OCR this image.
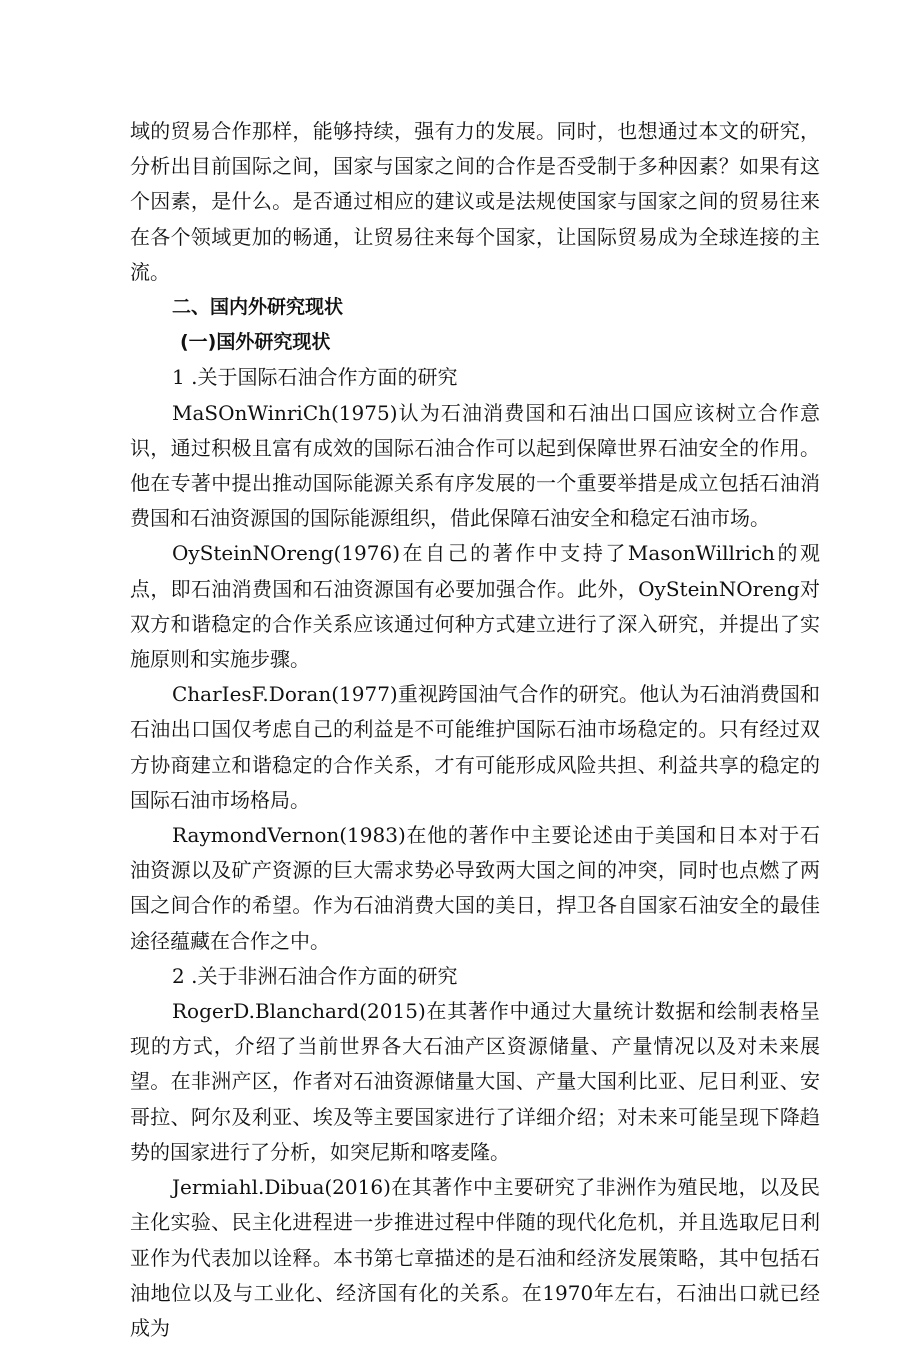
域的贸易合作那样，能够持续，强有力的发展。同时，也想通过本文的研究，分析出目前国际之间，国家与国家之间的合作是否受制于多种因素？如果有这个因素，是什么。是否通过相应的建议或是法规使国家与国家之间的贸易往来在各个领域更加的畅通，让贸易往来每个国家，让国际贸易成为全球连接的主流。

二、国内外研究现状

(一)国外研究现状

1 .关于国际石油合作方面的研究

MaSOnWinriCh(1975)认为石油消费国和石油出口国应该树立合作意识，通过积极且富有成效的国际石油合作可以起到保障世界石油安全的作用。他在专著中提出推动国际能源关系有序发展的一个重要举措是成立包括石油消费国和石油资源国的国际能源组织，借此保障石油安全和稳定石油市场。

OySteinNOreng(1976)在自己的著作中支持了MasonWillrich的观点，即石油消费国和石油资源国有必要加强合作。此外，OySteinNOreng对双方和谐稳定的合作关系应该通过何种方式建立进行了深入研究，并提出了实施原则和实施步骤。

CharIesF.Doran(1977)重视跨国油气合作的研究。他认为石油消费国和石油出口国仅考虑自己的利益是不可能维护国际石油市场稳定的。只有经过双方协商建立和谐稳定的合作关系，才有可能形成风险共担、利益共享的稳定的国际石油市场格局。

RaymondVernon(1983)在他的著作中主要论述由于美国和日本对于石油资源以及矿产资源的巨大需求势必导致两大国之间的冲突，同时也点燃了两国之间合作的希望。作为石油消费大国的美日，捍卫各自国家石油安全的最佳途径蕴藏在合作之中。

2 .关于非洲石油合作方面的研究

RogerD.Blanchard(2015)在其著作中通过大量统计数据和绘制表格呈现的方式，介绍了当前世界各大石油产区资源储量、产量情况以及对未来展望。在非洲产区，作者对石油资源储量大国、产量大国利比亚、尼日利亚、安哥拉、阿尔及利亚、埃及等主要国家进行了详细介绍；对未来可能呈现下降趋势的国家进行了分析，如突尼斯和喀麦隆。

Jermiahl.Dibua(2016)在其著作中主要研究了非洲作为殖民地，以及民主化实验、民主化进程进一步推进过程中伴随的现代化危机，并且选取尼日利亚作为代表加以诠释。本书第七章描述的是石油和经济发展策略，其中包括石油地位以及与工业化、经济国有化的关系。在1970年左右，石油出口就已经成为
